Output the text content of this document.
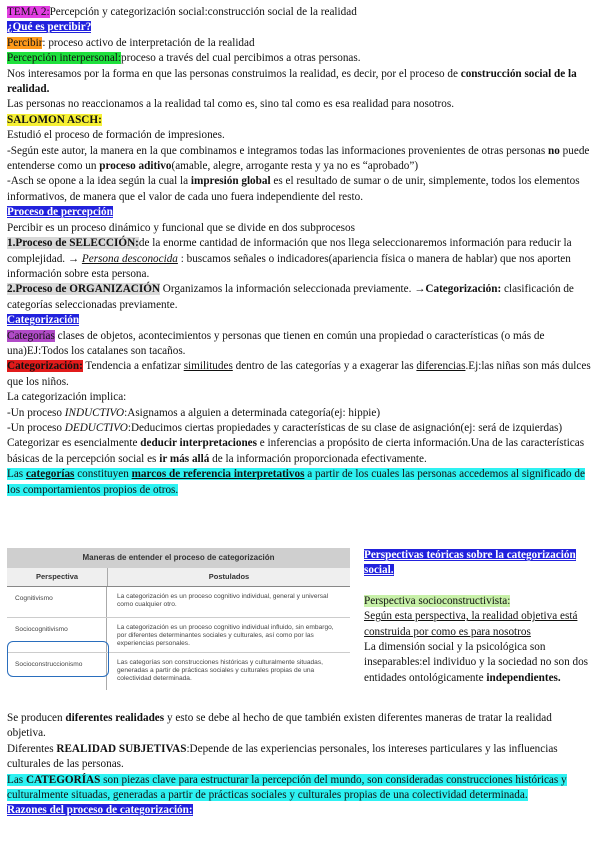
TEMA 2:Percepción y categorización social:construcción social de la realidad

¿Qué es percibir?

Percibir: proceso activo de interpretación de la realidad

Percepción interpersonal:proceso a través del cual percibimos a otras personas.

Nos interesamos por la forma en que las personas construimos la realidad, es decir, por el proceso de construcción social de la realidad.

Las personas no reaccionamos a la realidad tal como es, sino tal como es esa realidad para nosotros.

SALOMON ASCH:

Estudió el proceso de formación de impresiones.

-Según este autor, la manera en la que combinamos e integramos todas las informaciones provenientes de otras personas no puede entenderse como un proceso aditivo(amable, alegre, arrogante resta y ya no es “aprobado”)

-Asch se opone a la idea según la cual la impresión global es el resultado de sumar o de unir, simplemente, todos los elementos informativos, de manera que el valor de cada uno fuera independiente del resto.

Proceso de percepción

Percibir es un proceso dinámico y funcional que se divide en dos subprocesos

1.Proceso de SELECCIÓN:de la enorme cantidad de información que nos llega seleccionaremos información para reducir la complejidad. → Persona desconocida : buscamos señales o indicadores(apariencia física o manera de hablar) que nos aporten información sobre esta persona.

2.Proceso de ORGANIZACIÓN Organizamos la información seleccionada previamente. →Categorización: clasificación de categorías seleccionadas previamente.

Categorización

Categorías clases de objetos, acontecimientos y personas que tienen en común una propiedad o características (o más de una)EJ:Todos los catalanes son tacaños.

Categorización: Tendencia a enfatizar similitudes dentro de las categorías y a exagerar las diferencias.Ej:las niñas son más dulces que los niños.

La categorización implica:

-Un proceso INDUCTIVO:Asignamos a alguien a determinada categoría(ej: hippie)

-Un proceso DEDUCTIVO:Deducimos ciertas propiedades y características de su clase de asignación(ej: será de izquierdas)

Categorizar es esencialmente deducir interpretaciones e inferencias a propósito de cierta información.Una de las características básicas de la percepción social es ir más allá de la información proporcionada efectivamente.

Las categorías constituyen marcos de referencia interpretativos a partir de los cuales las personas accedemos al significado de los comportamientos propios de otros.

Maneras de entender el proceso de categorización
Perspectiva	Postulados
Cognitivismo	La categorización es un proceso cognitivo individual, general y universal como cualquier otro.
Sociocognitivismo	La categorización es un proceso cognitivo individual influido, sin embargo, por diferentes determinantes sociales y culturales, así como por las experiencias personales.
Socioconstruccionismo	Las categorías son construcciones históricas y culturalmente situadas, generadas a partir de prácticas sociales y culturales propias de una colectividad determinada.

Perspectivas teóricas sobre la categorización social.

Perspectiva socioconstructivista:

Según esta perspectiva, la realidad objetiva está construida por como es para nosotros

La dimensión social y la psicológica son inseparables:el individuo y la sociedad no son dos entidades ontológicamente independientes.

Se producen diferentes realidades y esto se debe al hecho de que también existen diferentes maneras de tratar la realidad objetiva.

Diferentes REALIDAD SUBJETIVAS:Depende de las experiencias personales, los intereses particulares y las influencias culturales de las personas.

Las CATEGORÍAS son piezas clave para estructurar la percepción del mundo, son consideradas construcciones históricas y culturalmente situadas, generadas a partir de prácticas sociales y culturales propias de una colectividad determinada.

Razones del proceso de categorización:
